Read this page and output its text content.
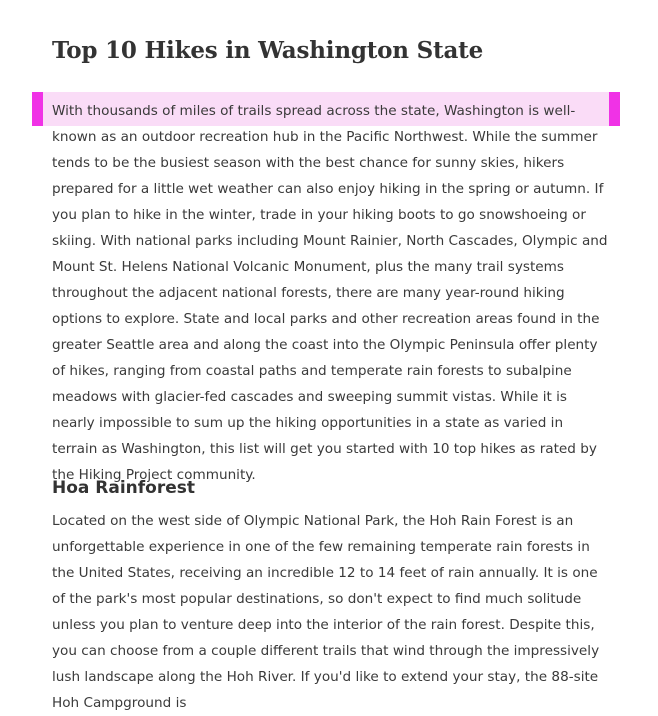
Top 10 Hikes in Washington State

With thousands of miles of trails spread across the state, Washington is well-known as an outdoor recreation hub in the Pacific Northwest. While the summer tends to be the busiest season with the best chance for sunny skies, hikers prepared for a little wet weather can also enjoy hiking in the spring or autumn. If you plan to hike in the winter, trade in your hiking boots to go snowshoeing or skiing. With national parks including Mount Rainier, North Cascades, Olympic and Mount St. Helens National Volcanic Monument, plus the many trail systems throughout the adjacent national forests, there are many year-round hiking options to explore. State and local parks and other recreation areas found in the greater Seattle area and along the coast into the Olympic Peninsula offer plenty of hikes, ranging from coastal paths and temperate rain forests to subalpine meadows with glacier-fed cascades and sweeping summit vistas. While it is nearly impossible to sum up the hiking opportunities in a state as varied in terrain as Washington, this list will get you started with 10 top hikes as rated by the Hiking Project community.

Hoa Rainforest

Located on the west side of Olympic National Park, the Hoh Rain Forest is an unforgettable experience in one of the few remaining temperate rain forests in the United States, receiving an incredible 12 to 14 feet of rain annually. It is one of the park's most popular destinations, so don't expect to find much solitude unless you plan to venture deep into the interior of the rain forest. Despite this, you can choose from a couple different trails that wind through the impressively lush landscape along the Hoh River. If you'd like to extend your stay, the 88-site Hoh Campground is
